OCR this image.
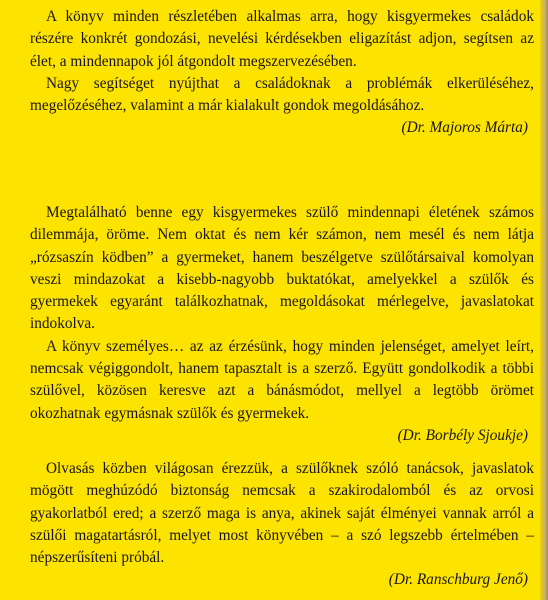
A könyv minden részletében alkalmas arra, hogy kisgyermekes családok részére konkrét gondozási, nevelési kérdésekben eligazítást adjon, segítsen az élet, a mindennapok jól átgondolt megszervezésében.

Nagy segítséget nyújthat a családoknak a problémák elkerüléséhez, megelőzéséhez, valamint a már kialakult gondok megoldásához.

(Dr. Majoros Márta)

Megtalálható benne egy kisgyermekes szülő mindennapi életének számos dilemmája, öröme. Nem oktat és nem kér számon, nem mesél és nem látja „rózsaszín ködben” a gyermeket, hanem beszélgetve szülőtársaival komolyan veszi mindazokat a kisebb-nagyobb buktatókat, amelyekkel a szülők és gyermekek egyaránt találkozhatnak, megoldásokat mérlegelve, javaslatokat indokolva.

A könyv személyes… az az érzésünk, hogy minden jelenséget, amelyet leírt, nemcsak végiggondolt, hanem tapasztalt is a szerző. Együtt gondolkodik a többi szülővel, közösen keresve azt a bánásmódot, mellyel a legtöbb örömet okozhatnak egymásnak szülők és gyermekek.

(Dr. Borbély Sjoukje)

Olvasás közben világosan érezzük, a szülőknek szóló tanácsok, javaslatok mögött meghúzódó biztonság nemcsak a szakirodalomból és az orvosi gyakorlatból ered; a szerző maga is anya, akinek saját élményei vannak arról a szülői magatartásról, melyet most könyvében – a szó legszebb értelmében – népszerűsíteni próbál.

(Dr. Ranschburg Jenő)
